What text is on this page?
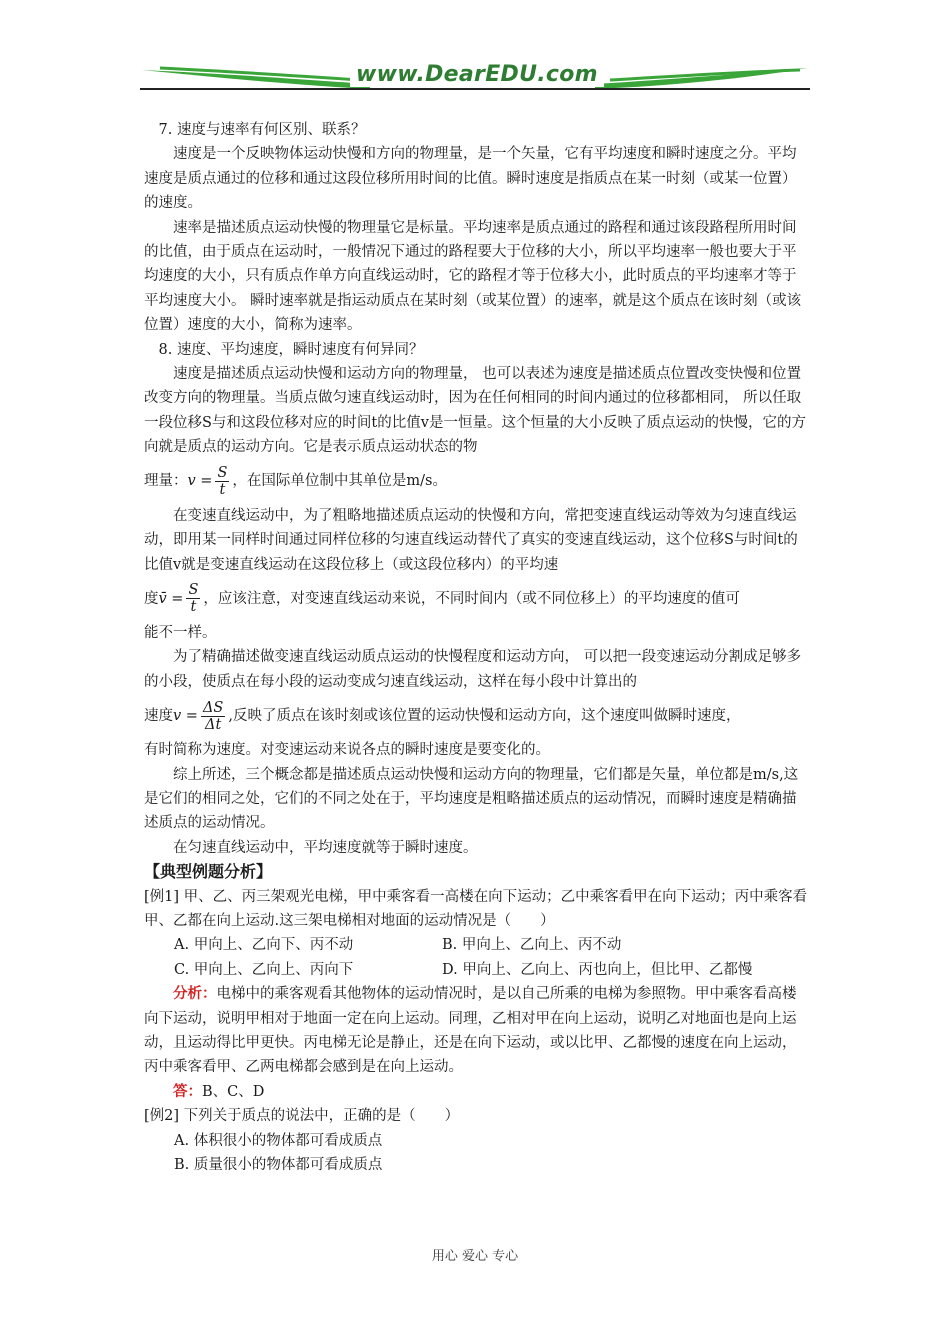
www.DearEDU.com

7. 速度与速率有何区别、联系？

速度是一个反映物体运动快慢和方向的物理量，是一个矢量，它有平均速度和瞬时速度之分。平均速度是质点通过的位移和通过这段位移所用时间的比值。瞬时速度是指质点在某一时刻（或某一位置）的速度。

速率是描述质点运动快慢的物理量它是标量。平均速率是质点通过的路程和通过该段路程所用时间的比值，由于质点在运动时，一般情况下通过的路程要大于位移的大小，所以平均速率一般也要大于平均速度的大小，只有质点作单方向直线运动时，它的路程才等于位移大小，此时质点的平均速率才等于平均速度大小。 瞬时速率就是指运动质点在某时刻（或某位置）的速率，就是这个质点在该时刻（或该位置）速度的大小，简称为速率。

8. 速度、平均速度，瞬时速度有何异同？

速度是描述质点运动快慢和运动方向的物理量， 也可以表述为速度是描述质点位置改变快慢和位置改变方向的物理量。当质点做匀速直线运动时，因为在任何相同的时间内通过的位移都相同， 所以任取一段位移S与和这段位移对应的时间t的比值v是一恒量。这个恒量的大小反映了质点运动的快慢，它的方向就是质点的运动方向。它是表示质点运动状态的物

理量： $v = \frac{S}{t}$ ，在国际单位制中其单位是m/s。

在变速直线运动中，为了粗略地描述质点运动的快慢和方向，常把变速直线运动等效为匀速直线运动，即用某一同样时间通过同样位移的匀速直线运动替代了真实的变速直线运动，这个位移S与时间t的比值v就是变速直线运动在这段位移上（或这段位移内）的平均速

度 v̄ = $\frac{S}{t}$ ，应该注意，对变速直线运动来说，不同时间内（或不同位移上）的平均速度的值可

能不一样。

为了精确描述做变速直线运动质点运动的快慢程度和运动方向， 可以把一段变速运动分割成足够多的小段，使质点在每小段的运动变成匀速直线运动，这样在每小段中计算出的

速度 $v = \frac{\Delta S}{\Delta t}$ ,反映了质点在该时刻或该位置的运动快慢和运动方向，这个速度叫做瞬时速度，

有时简称为速度。对变速运动来说各点的瞬时速度是要变化的。

综上所述，三个概念都是描述质点运动快慢和运动方向的物理量，它们都是矢量，单位都是m/s,这是它们的相同之处，它们的不同之处在于，平均速度是粗略描述质点的运动情况，而瞬时速度是精确描述质点的运动情况。

在匀速直线运动中，平均速度就等于瞬时速度。

【典型例题分析】

[例1] 甲、乙、丙三架观光电梯，甲中乘客看一高楼在向下运动；乙中乘客看甲在向下运动；丙中乘客看甲、乙都在向上运动.这三架电梯相对地面的运动情况是（　　）

A. 甲向上、乙向下、丙不动	B. 甲向上、乙向上、丙不动
C. 甲向上、乙向上、丙向下	D. 甲向上、乙向上、丙也向上，但比甲、乙都慢

分析：电梯中的乘客观看其他物体的运动情况时，是以自己所乘的电梯为参照物。甲中乘客看高楼向下运动，说明甲相对于地面一定在向上运动。同理，乙相对甲在向上运动，说明乙对地面也是向上运动，且运动得比甲更快。丙电梯无论是静止，还是在向下运动，或以比甲、乙都慢的速度在向上运动， 丙中乘客看甲、乙两电梯都会感到是在向上运动。

答：B、C、D

[例2] 下列关于质点的说法中，正确的是（　　）

A. 体积很小的物体都可看成质点

B. 质量很小的物体都可看成质点

用心 爱心 专心
